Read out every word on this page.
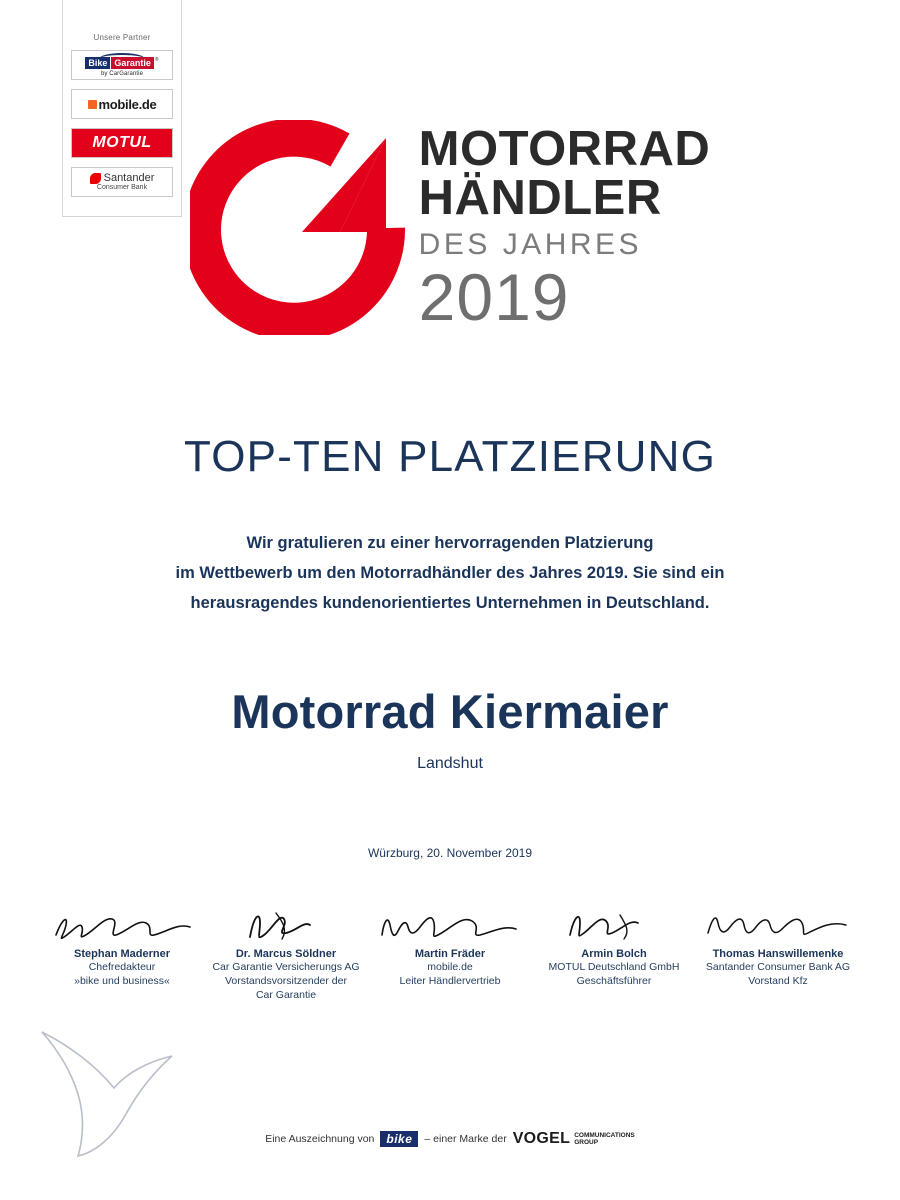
Unsere Partner
Bike Garantie ®
by CarGarantie
mobile.de
MOTUL
Santander
Consumer Bank
MOTORRAD
HÄNDLER
DES JAHRES
2019
TOP-TEN PLATZIERUNG
Wir gratulieren zu einer hervorragenden Platzierung
im Wettbewerb um den Motorradhändler des Jahres 2019. Sie sind ein
herausragendes kundenorientiertes Unternehmen in Deutschland.
Motorrad Kiermaier
Landshut
Würzburg, 20. November 2019
Stephan Maderner
Chefredakteur
»bike und business«
Dr. Marcus Söldner
Car Garantie Versicherungs AG
Vorstandsvorsitzender der
Car Garantie
Martin Fräder
mobile.de
Leiter Händlervertrieb
Armin Bolch
MOTUL Deutschland GmbH
Geschäftsführer
Thomas Hanswillemenke
Santander Consumer Bank AG
Vorstand Kfz
Eine Auszeichnung von	bike	– einer Marke der VOGEL COMMUNICATIONS
GROUP
